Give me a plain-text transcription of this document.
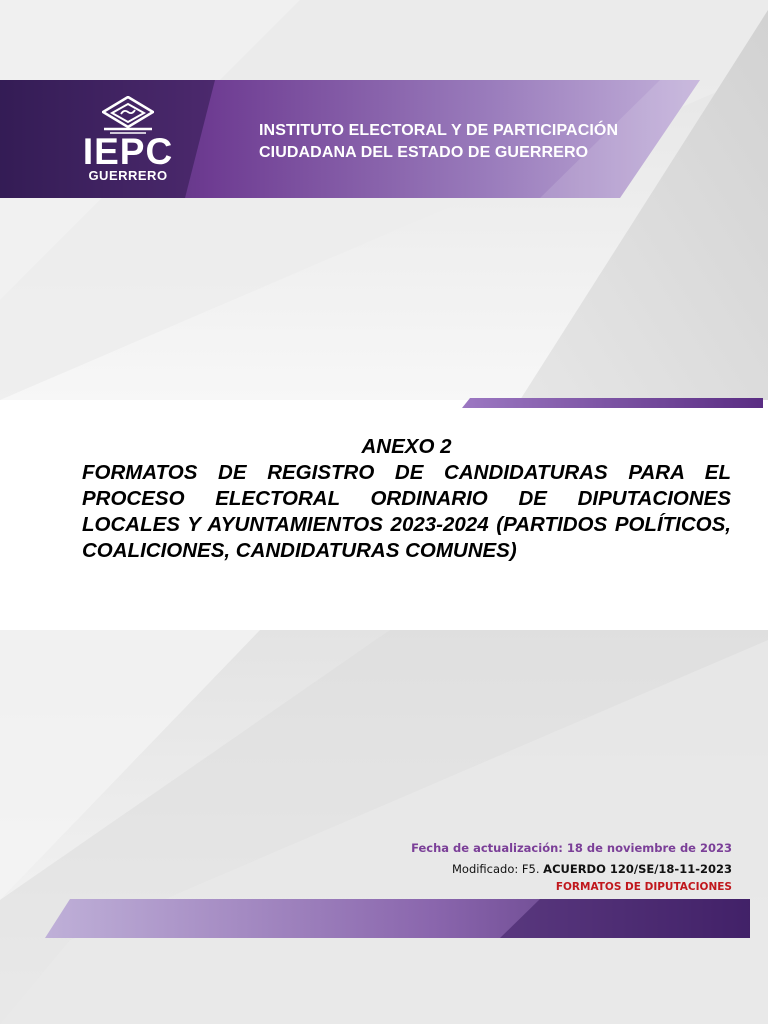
IEPC
GUERRERO
INSTITUTO ELECTORAL Y DE PARTICIPACIÓN
CIUDADANA DEL ESTADO DE GUERRERO
ANEXO 2
FORMATOS DE REGISTRO DE CANDIDATURAS PARA EL PROCESO ELECTORAL ORDINARIO DE DIPUTACIONES LOCALES Y AYUNTAMIENTOS 2023-2024 (PARTIDOS POLÍTICOS, COALICIONES, CANDIDATURAS COMUNES)
Fecha de actualización: 18 de noviembre de 2023
Modificado: F5. ACUERDO 120/SE/18-11-2023
FORMATOS DE DIPUTACIONES
